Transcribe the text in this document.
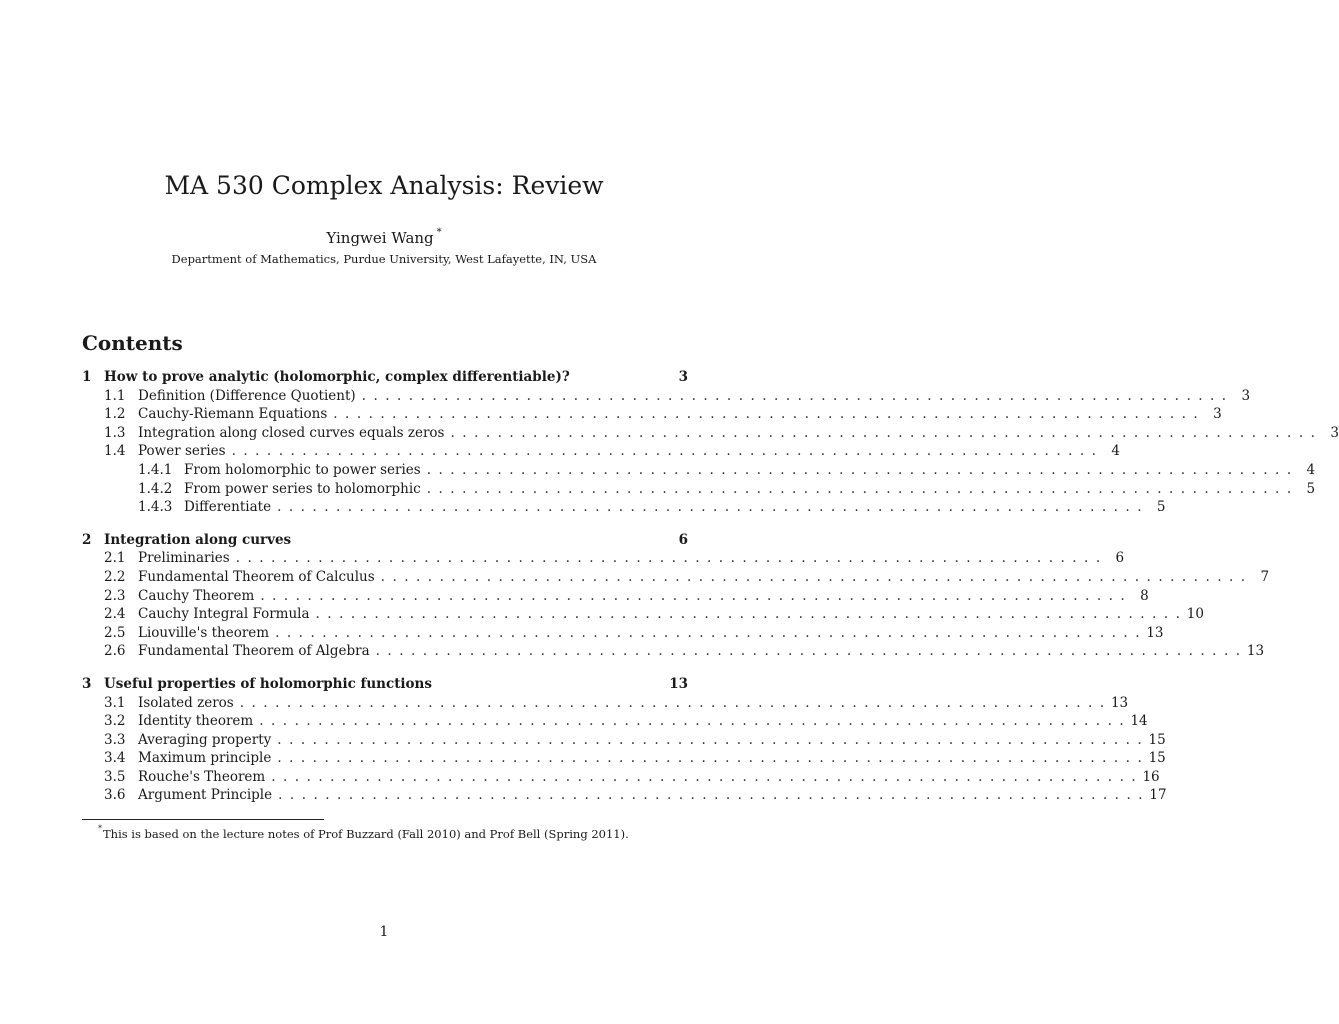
MA 530 Complex Analysis: Review
Yingwei Wang *
Department of Mathematics, Purdue University, West Lafayette, IN, USA
Contents
1 How to prove analytic (holomorphic, complex differentiable)?	3
1.1 Definition (Difference Quotient) . . .	3
1.2 Cauchy-Riemann Equations . . .	3
1.3 Integration along closed curves equals zeros . . .	3
1.4 Power series . . .	4
1.4.1 From holomorphic to power series . . .	4
1.4.2 From power series to holomorphic . . .	5
1.4.3 Differentiate . . .	5
2 Integration along curves	6
2.1 Preliminaries . . .	6
2.2 Fundamental Theorem of Calculus . . .	7
2.3 Cauchy Theorem . . .	8
2.4 Cauchy Integral Formula . . .	10
2.5 Liouville's theorem . . .	13
2.6 Fundamental Theorem of Algebra . . .	13
3 Useful properties of holomorphic functions	13
3.1 Isolated zeros . . .	13
3.2 Identity theorem . . .	14
3.3 Averaging property . . .	15
3.4 Maximum principle . . .	15
3.5 Rouche's Theorem . . .	16
3.6 Argument Principle . . .	17
*This is based on the lecture notes of Prof Buzzard (Fall 2010) and Prof Bell (Spring 2011).
1
